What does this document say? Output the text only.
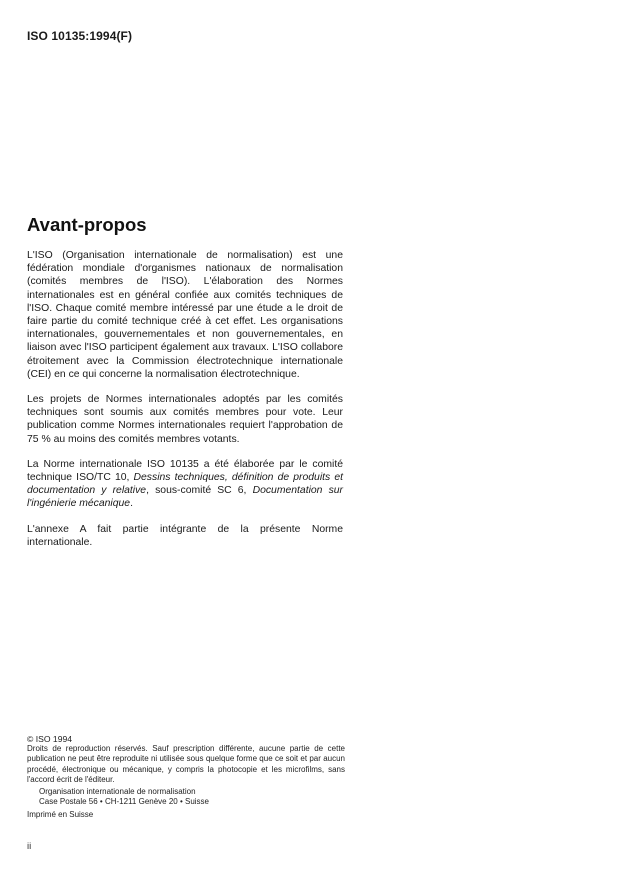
ISO 10135:1994(F)
Avant-propos

L'ISO (Organisation internationale de normalisation) est une fédération mondiale d'organismes nationaux de normalisation (comités membres de l'ISO). L'élaboration des Normes internationales est en général confiée aux comités techniques de l'ISO. Chaque comité membre intéressé par une étude a le droit de faire partie du comité technique créé à cet effet. Les organisations internationales, gouvernementales et non gouvernementales, en liaison avec l'ISO participent également aux travaux. L'ISO collabore étroitement avec la Commission électrotechnique internationale (CEI) en ce qui concerne la normalisation électrotechnique.

Les projets de Normes internationales adoptés par les comités techniques sont soumis aux comités membres pour vote. Leur publication comme Normes internationales requiert l'approbation de 75 % au moins des comités membres votants.

La Norme internationale ISO 10135 a été élaborée par le comité technique ISO/TC 10, Dessins techniques, définition de produits et documentation y relative, sous-comité SC 6, Documentation sur l'ingénierie mécanique.

L'annexe A fait partie intégrante de la présente Norme internationale.

© ISO 1994
Droits de reproduction réservés. Sauf prescription différente, aucune partie de cette publication ne peut être reproduite ni utilisée sous quelque forme que ce soit et par aucun procédé, électronique ou mécanique, y compris la photocopie et les microfilms, sans l'accord écrit de l'éditeur.
Organisation internationale de normalisation
Case Postale 56 • CH-1211 Genève 20 • Suisse
Imprimé en Suisse
ii
